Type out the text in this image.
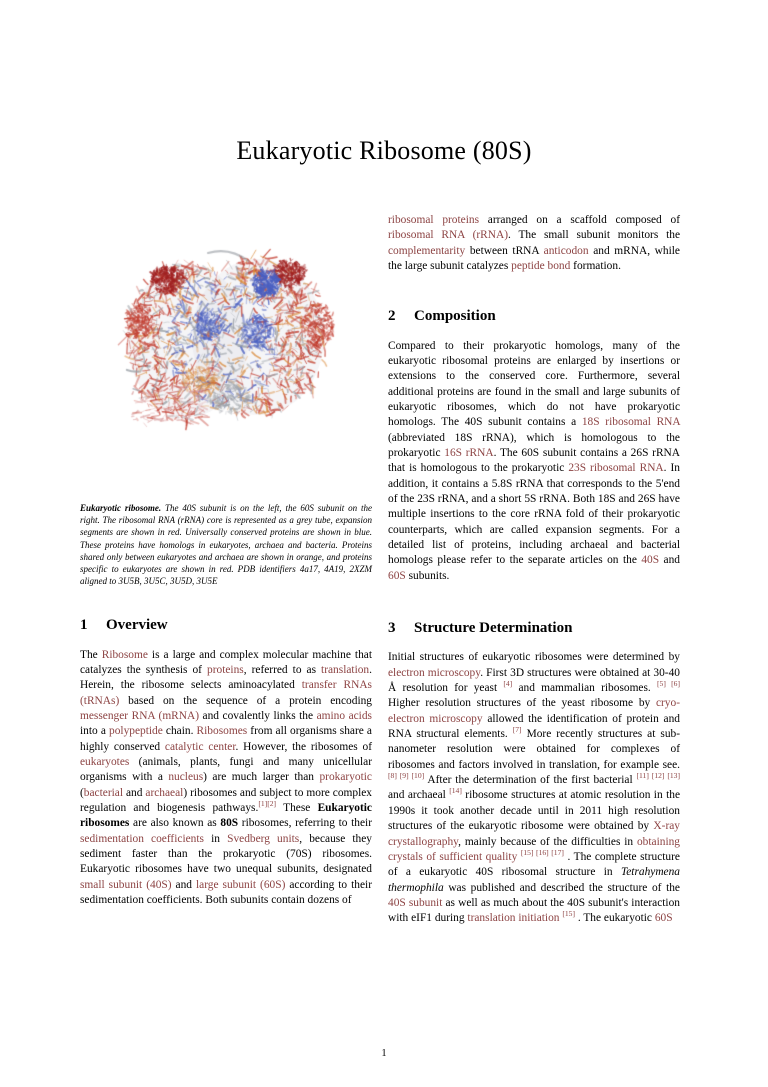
Eukaryotic Ribosome (80S)
Eukaryotic ribosome. The 40S subunit is on the left, the 60S subunit on the right. The ribosomal RNA (rRNA) core is represented as a grey tube, expansion segments are shown in red. Universally conserved proteins are shown in blue. These proteins have homologs in eukaryotes, archaea and bacteria. Proteins shared only between eukaryotes and archaea are shown in orange, and proteins specific to eukaryotes are shown in red. PDB identifiers 4a17, 4A19, 2XZM aligned to 3U5B, 3U5C, 3U5D, 3U5E
1 Overview

The Ribosome is a large and complex molecular machine that catalyzes the synthesis of proteins, referred to as translation. Herein, the ribosome selects aminoacylated transfer RNAs (tRNAs) based on the sequence of a protein encoding messenger RNA (mRNA) and covalently links the amino acids into a polypeptide chain. Ribosomes from all organisms share a highly conserved catalytic center. However, the ribosomes of eukaryotes (animals, plants, fungi and many unicellular organisms with a nucleus) are much larger than prokaryotic (bacterial and archaeal) ribosomes and subject to more complex regulation and biogenesis pathways.[1][2] These Eukaryotic ribosomes are also known as 80S ribosomes, referring to their sedimentation coefficients in Svedberg units, because they sediment faster than the prokaryotic (70S) ribosomes. Eukaryotic ribosomes have two unequal subunits, designated small subunit (40S) and large subunit (60S) according to their sedimentation coefficients. Both subunits contain dozens of

ribosomal proteins arranged on a scaffold composed of ribosomal RNA (rRNA). The small subunit monitors the complementarity between tRNA anticodon and mRNA, while the large subunit catalyzes peptide bond formation.

2 Composition

Compared to their prokaryotic homologs, many of the eukaryotic ribosomal proteins are enlarged by insertions or extensions to the conserved core. Furthermore, several additional proteins are found in the small and large subunits of eukaryotic ribosomes, which do not have prokaryotic homologs. The 40S subunit contains a 18S ribosomal RNA (abbreviated 18S rRNA), which is homologous to the prokaryotic 16S rRNA. The 60S subunit contains a 26S rRNA that is homologous to the prokaryotic 23S ribosomal RNA. In addition, it contains a 5.8S rRNA that corresponds to the 5'end of the 23S rRNA, and a short 5S rRNA. Both 18S and 26S have multiple insertions to the core rRNA fold of their prokaryotic counterparts, which are called expansion segments. For a detailed list of proteins, including archaeal and bacterial homologs please refer to the separate articles on the 40S and 60S subunits.

3 Structure Determination

Initial structures of eukaryotic ribosomes were determined by electron microscopy. First 3D structures were obtained at 30-40 Å resolution for yeast [4] and mammalian ribosomes. [5] [6] Higher resolution structures of the yeast ribosome by cryo-electron microscopy allowed the identification of protein and RNA structural elements. [7] More recently structures at sub-nanometer resolution were obtained for complexes of ribosomes and factors involved in translation, for example see. [8] [9] [10] After the determination of the first bacterial [11] [12] [13] and archaeal [14] ribosome structures at atomic resolution in the 1990s it took another decade until in 2011 high resolution structures of the eukaryotic ribosome were obtained by X-ray crystallography, mainly because of the difficulties in obtaining crystals of sufficient quality [15] [16] [17] . The complete structure of a eukaryotic 40S ribosomal structure in Tetrahymena thermophila was published and described the structure of the 40S subunit as well as much about the 40S subunit's interaction with eIF1 during translation initiation [15] . The eukaryotic 60S

1
